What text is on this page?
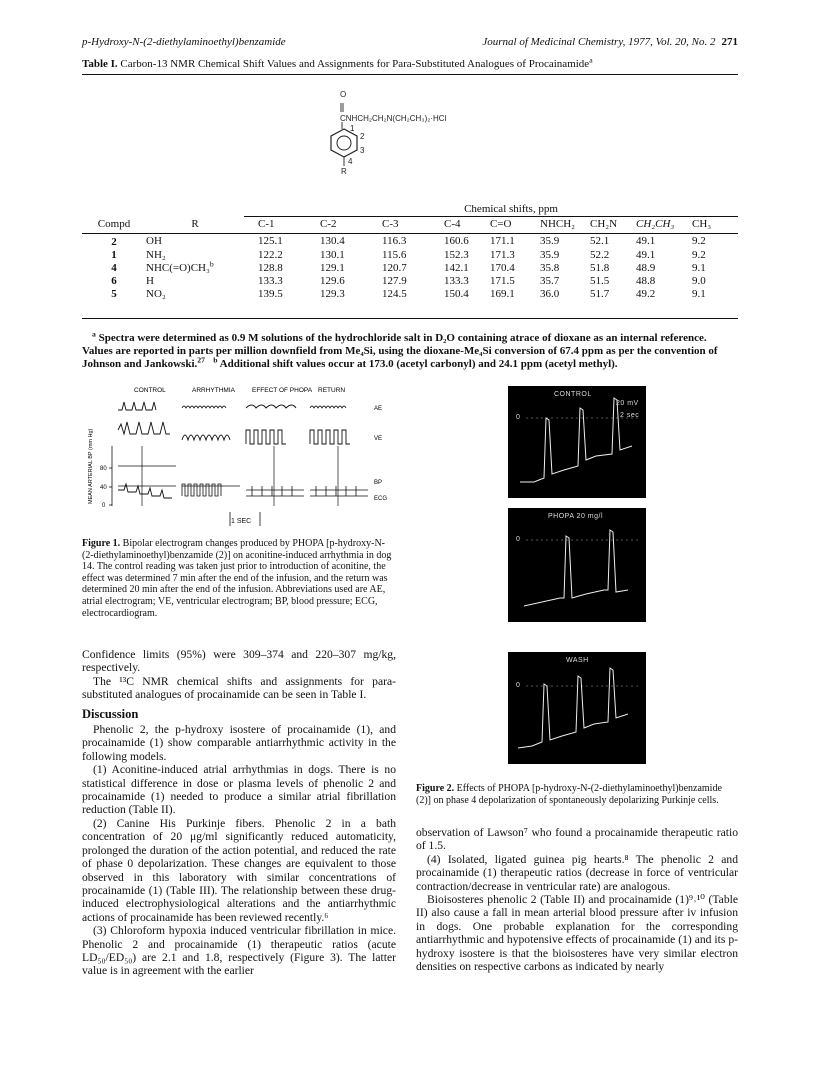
p-Hydroxy-N-(2-diethylaminoethyl)benzamide	Journal of Medicinal Chemistry, 1977, Vol. 20, No. 2 271
Table I. Carbon-13 NMR Chemical Shift Values and Assignments for Para-Substituted Analogues of Procainamide$^a$
O
CNHCH₂CH₂N(CH₂CH₃)₂·HCl
1
2
3
4
R
		Chemical shifts, ppm								
Compd	R	C-1	C-2	C-3	C-4	C=O	NHCH₂	CH₂N	CH₂CH₃	CH₃
2	OH	125.1	130.4	116.3	160.6	171.1	35.9	52.1	49.1	9.2
1	NH₂	122.2	130.1	115.6	152.3	171.3	35.9	52.2	49.1	9.2
4	NHC(=O)CH₃$^b$	128.8	129.1	120.7	142.1	170.4	35.8	51.8	48.9	9.1
6	H	133.3	129.6	127.9	133.3	171.5	35.7	51.5	48.8	9.0
5	NO₂	139.5	129.3	124.5	150.4	169.1	36.0	51.7	49.2	9.1
$^a$ Spectra were determined as 0.9 M solutions of the hydrochloride salt in D₂O containing atrace of dioxane as an internal reference. Values are reported in parts per million downfield from Me₄Si, using the dioxane-Me₄Si conversion of 67.4 ppm as per the convention of Johnson and Jankowski.$^{27}$ $^b$ Additional shift values occur at 173.0 (acetyl carbonyl) and 24.1 ppm (acetyl methyl).
CONTROL	ARRHYTHMIA	EFFECT OF PHOPA RETURN
MEAN ARTERIAL BP (mm Hg) 80
40
0
AE
VE
BP
ECG
1 SEC
Figure 1. Bipolar electrogram changes produced by PHOPA [p-hydroxy-N-(2-diethylaminoethyl)benzamide (2)] on aconitine-induced arrhythmia in dog 14. The control reading was taken just prior to introduction of aconitine, the effect was determined 7 min after the end of the infusion, and the return was determined 20 min after the end of the infusion. Abbreviations used are AE, atrial electrogram; VE, ventricular electrogram; BP, blood pressure; ECG, electrocardiogram.

Confidence limits (95%) were 309–374 and 220–307 mg/kg, respectively.

The ¹³C NMR chemical shifts and assignments for para-substituted analogues of procainamide can be seen in Table I.

Discussion

Phenolic 2, the p-hydroxy isostere of procainamide (1), and procainamide (1) show comparable antiarrhythmic activity in the following models.

(1) Aconitine-induced atrial arrhythmias in dogs. There is no statistical difference in dose or plasma levels of phenolic 2 and procainamide (1) needed to produce a similar atrial fibrillation reduction (Table II).

(2) Canine His Purkinje fibers. Phenolic 2 in a bath concentration of 20 μg/ml significantly reduced automaticity, prolonged the duration of the action potential, and reduced the rate of phase 0 depolarization. These changes are equivalent to those observed in this laboratory with similar concentrations of procainamide (1) (Table III). The relationship between these drug-induced electrophysiological alterations and the antiarrhythmic actions of procainamide has been reviewed recently.⁶

(3) Chloroform hypoxia induced ventricular fibrillation in mice. Phenolic 2 and procainamide (1) therapeutic ratios (acute LD₅₀/ED₅₀) are 2.1 and 1.8, respectively (Figure 3). The latter value is in agreement with the earlier

CONTROL
20 mV
2 sec
0
PHOPA 20 mg/l
0
WASH
0
Figure 2. Effects of PHOPA [p-hydroxy-N-(2-diethylaminoethyl)benzamide (2)] on phase 4 depolarization of spontaneously depolarizing Purkinje cells.

observation of Lawson⁷ who found a procainamide therapeutic ratio of 1.5.

(4) Isolated, ligated guinea pig hearts.⁸ The phenolic 2 and procainamide (1) therapeutic ratios (decrease in force of ventricular contraction/decrease in ventricular rate) are analogous.

Bioisosteres phenolic 2 (Table II) and procainamide (1)⁹˒¹⁰ (Table II) also cause a fall in mean arterial blood pressure after iv infusion in dogs. One probable explanation for the corresponding antiarrhythmic and hypotensive effects of procainamide (1) and its p-hydroxy isostere is that the bioisosteres have very similar electron densities on respective carbons as indicated by nearly
